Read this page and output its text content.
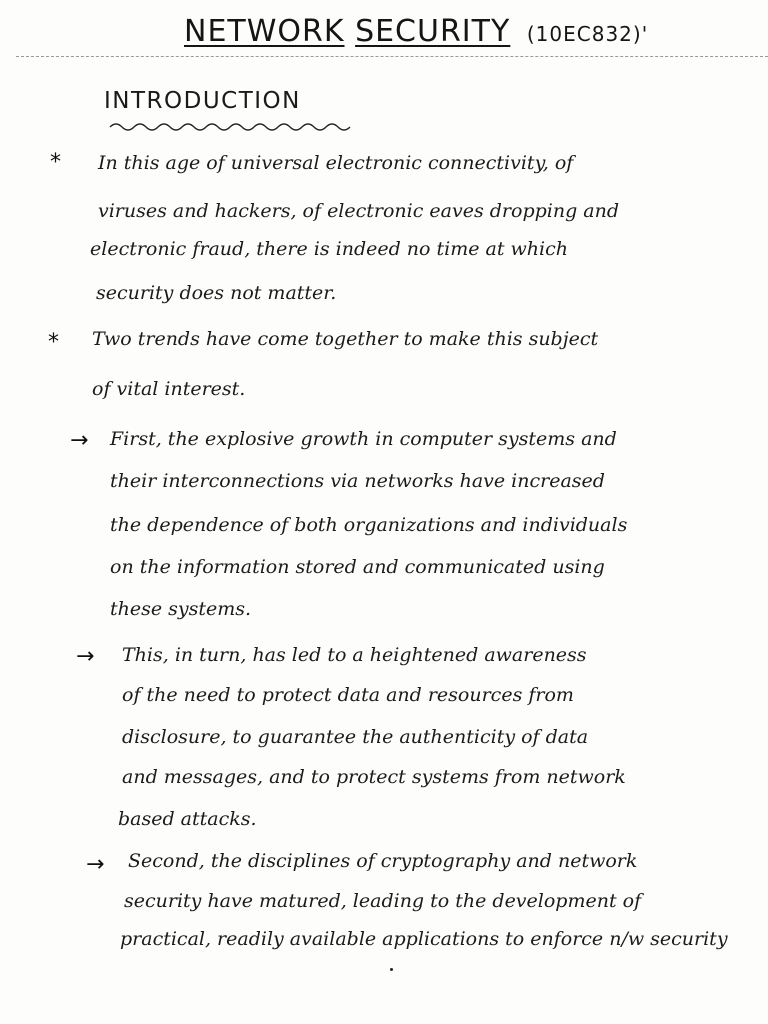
NETWORK SECURITY (10EC832)'
INTRODUCTION
* In this age of universal electronic connectivity, of
viruses and hackers, of electronic eaves dropping and
electronic fraud, there is indeed no time at which
security does not matter.
* Two trends have come together to make this subject
of vital interest.
→ First, the explosive growth in computer systems and
their interconnections via networks have increased
the dependence of both organizations and individuals
on the information stored and communicated using
these systems.
→ This, in turn, has led to a heightened awareness
of the need to protect data and resources from
disclosure, to guarantee the authenticity of data
and messages, and to protect systems from network
based attacks.
→ Second, the disciplines of cryptography and network
security have matured, leading to the development of
practical, readily available applications to enforce n/w security
